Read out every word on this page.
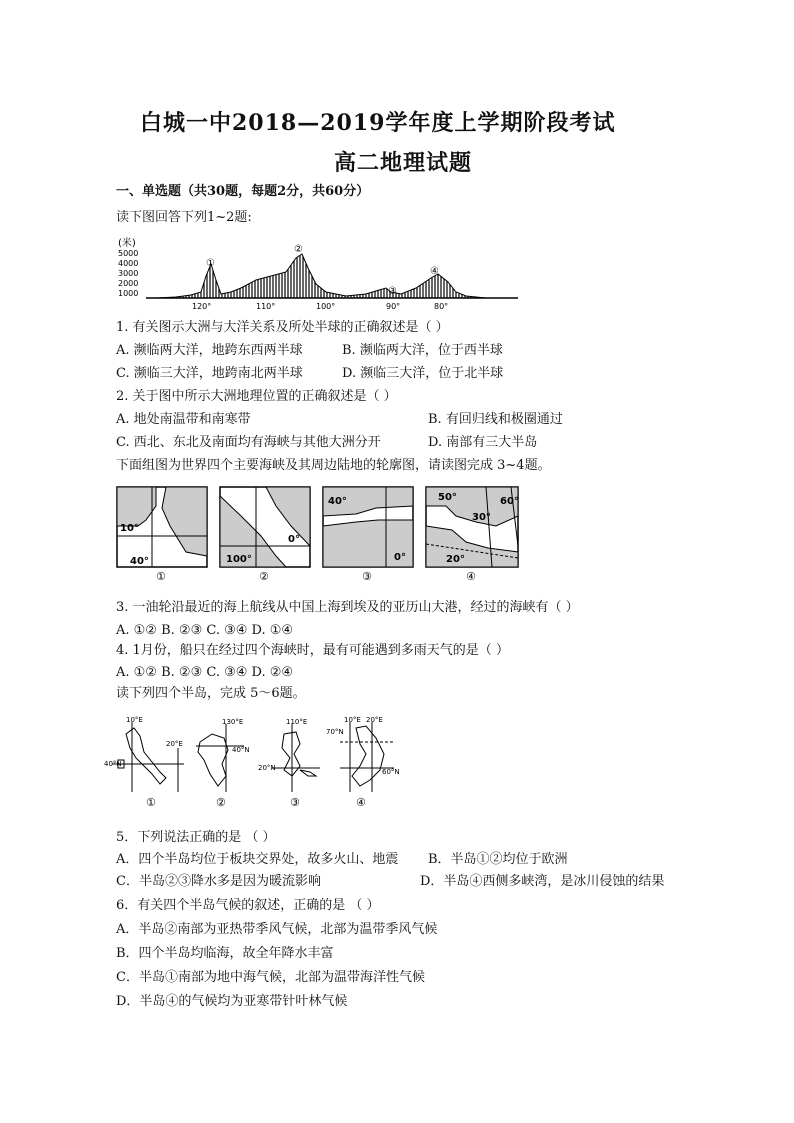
白城一中2018—2019学年度上学期阶段考试
高二地理试题
一、单选题（共30题，每题2分，共60分）
读下图回答下列1~2题:
(米)
5000
4000
3000
2000
1000
①
②
③
④
120°	110°	100°	90°	80°
1. 有关图示大洲与大洋关系及所处半球的正确叙述是（ ）
A. 濒临两大洋，地跨东西两半球	B. 濒临两大洋，位于西半球
C. 濒临三大洋，地跨南北两半球	D. 濒临三大洋，位于北半球
2. 关于图中所示大洲地理位置的正确叙述是（ ）
A. 地处南温带和南寒带	B. 有回归线和极圈通过
C. 西北、东北及南面均有海峡与其他大洲分开	D. 南部有三大半岛
下面组图为世界四个主要海峡及其周边陆地的轮廓图，请读图完成 3~4题。
10°
40°
①
100°
0°
②
40°
0°
③
50°	60°
30°
20°
④
3. 一油轮沿最近的海上航线从中国上海到埃及的亚历山大港，经过的海峡有（ ）
A. ①② B. ②③ C. ③④ D. ①④
4. 1月份，船只在经过四个海峡时，最有可能遇到多雨天气的是（ ）
A. ①② B. ②③ C. ③④ D. ②④
读下列四个半岛，完成 5～6题。
10°E
20°E
40°N
①
130°E
40°N
②
110°E
20°N
③
10°E 20°E
70°N
60°N
④
5．下列说法正确的是 （ ）
A．四个半岛均位于板块交界处，故多火山、地震 B．半岛①②均位于欧洲
C．半岛②③降水多是因为暖流影响	D．半岛④西侧多峡湾，是冰川侵蚀的结果
6．有关四个半岛气候的叙述，正确的是 （ ）
A．半岛②南部为亚热带季风气候，北部为温带季风气候
B．四个半岛均临海，故全年降水丰富
C．半岛①南部为地中海气候，北部为温带海洋性气候
D．半岛④的气候均为亚寒带针叶林气候
